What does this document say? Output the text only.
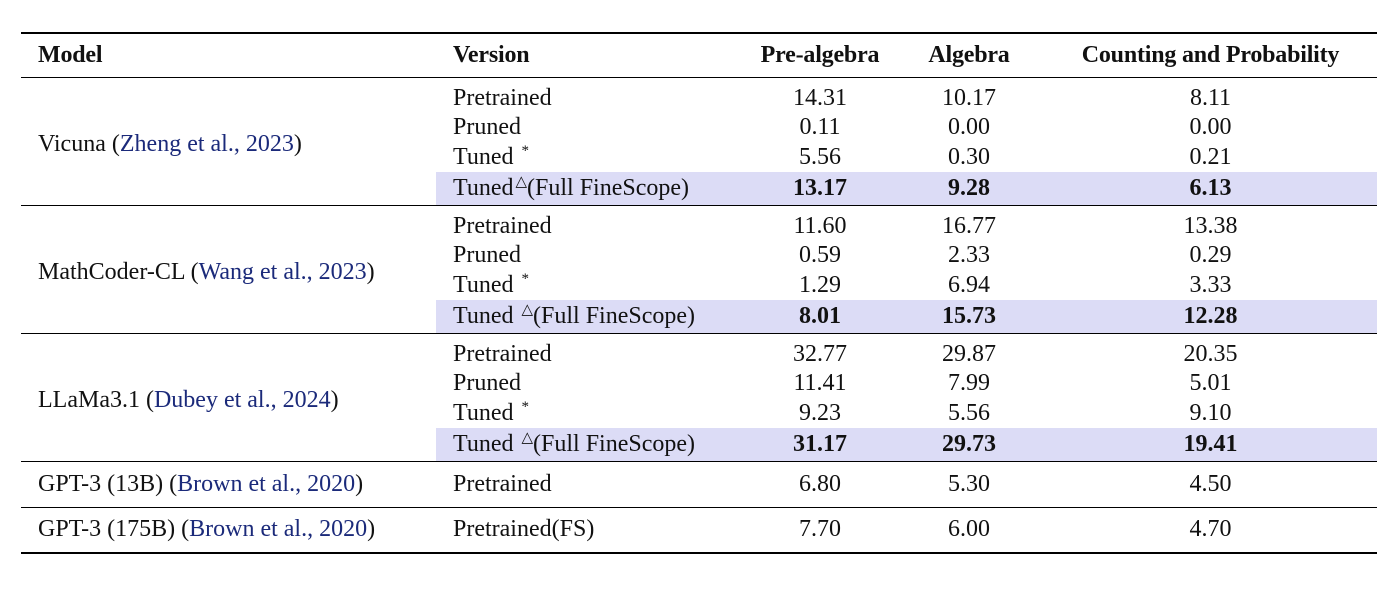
Model	Version	Pre-algebra	Algebra	Counting and Probability
Vicuna (Zheng et al., 2023)	Pretrained	14.31	10.17	8.11
	Pruned	0.11	0.00	0.00
	Tuned *	5.56	0.30	0.21
	Tuned △(Full FineScope)	13.17	9.28	6.13
MathCoder-CL (Wang et al., 2023)	Pretrained	11.60	16.77	13.38
	Pruned	0.59	2.33	0.29
	Tuned *	1.29	6.94	3.33
	Tuned △(Full FineScope)	8.01	15.73	12.28
LLaMa3.1 (Dubey et al., 2024)	Pretrained	32.77	29.87	20.35
	Pruned	11.41	7.99	5.01
	Tuned *	9.23	5.56	9.10
	Tuned △(Full FineScope)	31.17	29.73	19.41
GPT-3 (13B) (Brown et al., 2020)	Pretrained	6.80	5.30	4.50
GPT-3 (175B) (Brown et al., 2020)	Pretrained(FS)	7.70	6.00	4.70
